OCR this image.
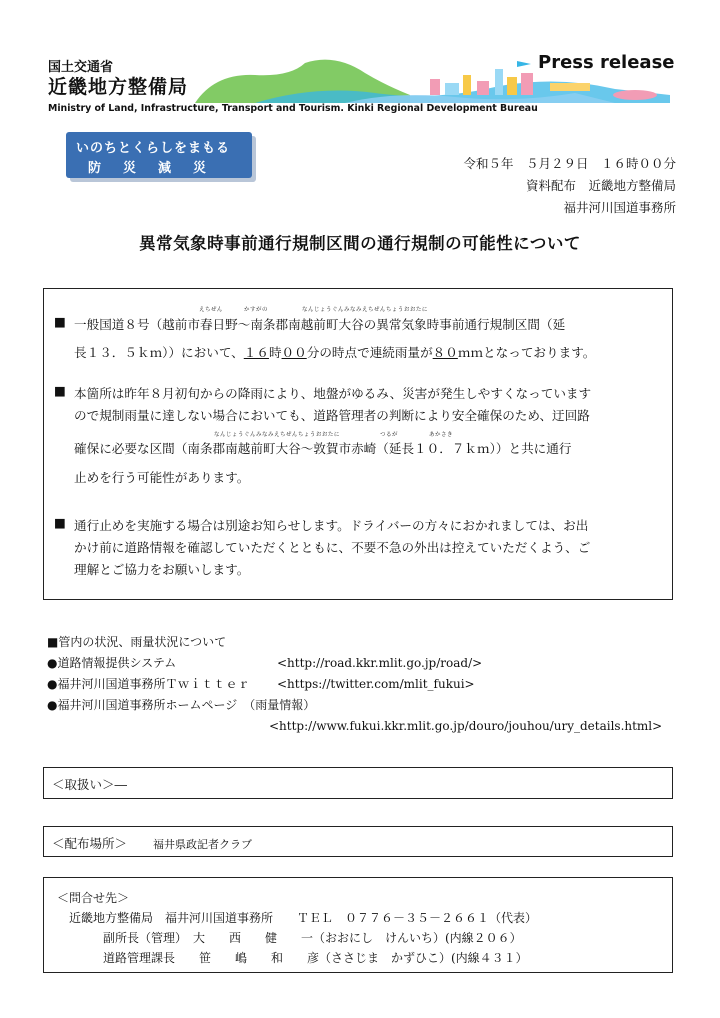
国土交通省
近畿地方整備局
Ministry of Land, Infrastructure, Transport and Tourism. Kinki Regional Development Bureau
Press release
いのちとくらしをまもる
防災減災	令和５年　５月２９日　１６時００分
資料配布　近畿地方整備局
福井河川国道事務所
異常気象時事前通行規制区間の通行規制の可能性について
■
えちぜん	かすがの	なんじょうぐんみなみえちぜんちょうおおたに
一般国道８号（越前市春日野～南条郡南越前町大谷の異常気象時事前通行規制区間（延
長１３．５ｋｍ））において、１６時００分の時点で連続雨量が８０ｍｍとなっております。
■ 本箇所は昨年８月初旬からの降雨により、地盤がゆるみ、災害が発生しやすくなっています
ので規制雨量に達しない場合においても、道路管理者の判断により安全確保のため、迂回路
なんじょうぐんみなみえちぜんちょうおおたに	つるが	あかさき
確保に必要な区間（南条郡南越前町大谷～敦賀市赤崎（延長１０．７ｋｍ））と共に通行
止めを行う可能性があります。
■ 通行止めを実施する場合は別途お知らせします。ドライバーの方々におかれましては、お出
かけ前に道路情報を確認していただくとともに、不要不急の外出は控えていただくよう、ご
理解とご協力をお願いします。
■管内の状況、雨量状況について
●道路情報提供システム	<http://road.kkr.mlit.go.jp/road/>
●福井河川国道事務所Ｔｗｉｔｔｅｒ <https://twitter.com/mlit_fukui>
●福井河川国道事務所ホームページ　（雨量情報）
<http://www.fukui.kkr.mlit.go.jp/douro/jouhou/ury_details.html>
＜取扱い＞―
＜配布場所＞ 福井県政記者クラブ
＜問合せ先＞
近畿地方整備局　福井河川国道事務所　　ＴＥＬ　０７７６－３５－２６６１（代表）
副所長（管理）　大　　西　　健　　一（おおにし　けんいち）(内線２０６）
道路管理課長　　笹　　嶋　　和　　彦（ささじま　かずひこ）(内線４３１）
